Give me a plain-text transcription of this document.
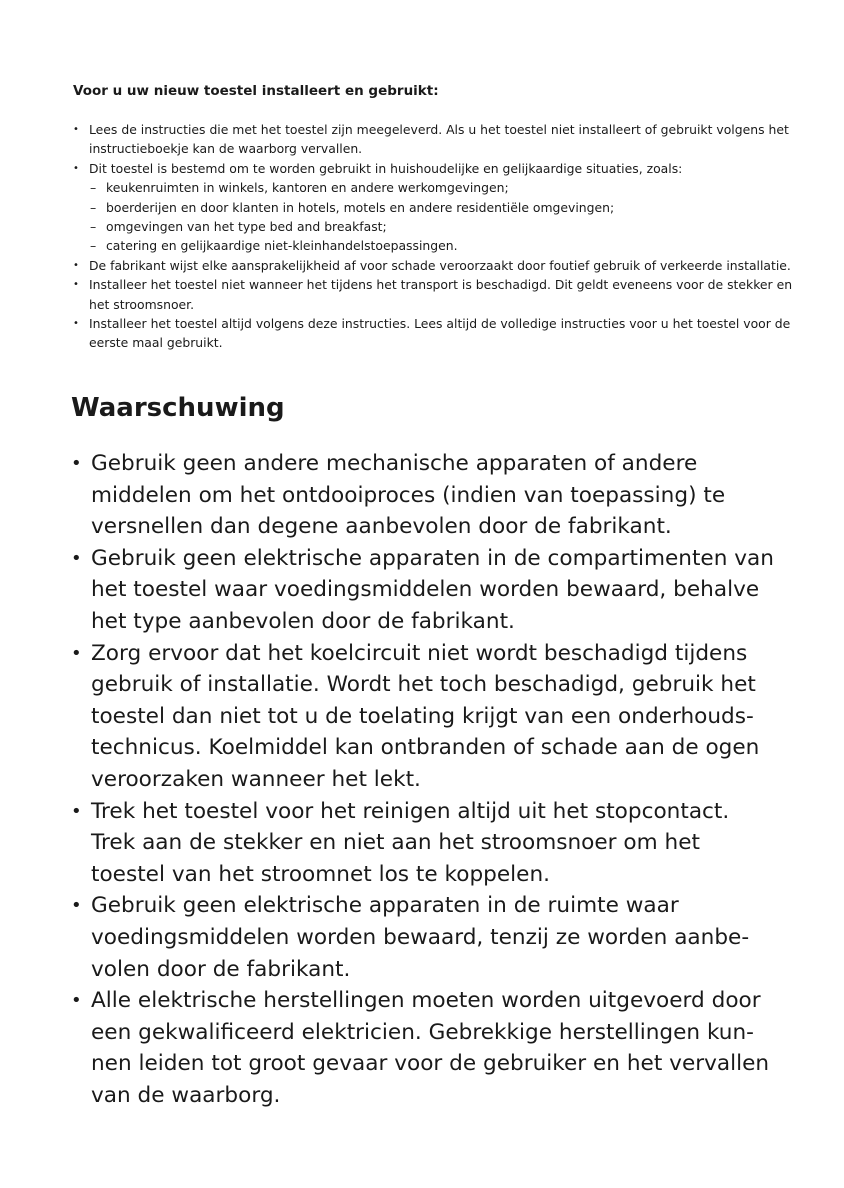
Voor u uw nieuw toestel installeert en gebruikt:
• Lees de instructies die met het toestel zijn meegeleverd. Als u het toestel niet installeert of gebruikt volgens het instructieboekje kan de waarborg vervallen.
• Dit toestel is bestemd om te worden gebruikt in huishoudelijke en gelijkaardige situaties, zoals:
– keukenruimten in winkels, kantoren en andere werkomgevingen;
– boerderijen en door klanten in hotels, motels en andere residentiële omgevingen;
– omgevingen van het type bed and breakfast;
– catering en gelijkaardige niet-kleinhandelstoepassingen.
• De fabrikant wijst elke aansprakelijkheid af voor schade veroorzaakt door foutief gebruik of verkeerde installatie.
• Installeer het toestel niet wanneer het tijdens het transport is beschadigd. Dit geldt eveneens voor de stekker en het stroomsnoer.
• Installeer het toestel altijd volgens deze instructies. Lees altijd de volledige instructies voor u het toestel voor de eerste maal gebruikt.
Waarschuwing
• Gebruik geen andere mechanische apparaten of andere middelen om het ontdooiproces (indien van toepassing) te versnellen dan degene aanbevolen door de fabrikant.
• Gebruik geen elektrische apparaten in de compartimenten van het toestel waar voedingsmiddelen worden bewaard, behalve het type aanbevolen door de fabrikant.
• Zorg ervoor dat het koelcircuit niet wordt beschadigd tijdens gebruik of installatie. Wordt het toch beschadigd, gebruik het toestel dan niet tot u de toelating krijgt van een onderhouds-technicus. Koelmiddel kan ontbranden of schade aan de ogen veroorzaken wanneer het lekt.
• Trek het toestel voor het reinigen altijd uit het stopcontact. Trek aan de stekker en niet aan het stroomsnoer om het toestel van het stroomnet los te koppelen.
• Gebruik geen elektrische apparaten in de ruimte waar voedingsmiddelen worden bewaard, tenzij ze worden aanbe-volen door de fabrikant.
• Alle elektrische herstellingen moeten worden uitgevoerd door een gekwalificeerd elektricien. Gebrekkige herstellingen kun-nen leiden tot groot gevaar voor de gebruiker en het vervallen van de waarborg.
